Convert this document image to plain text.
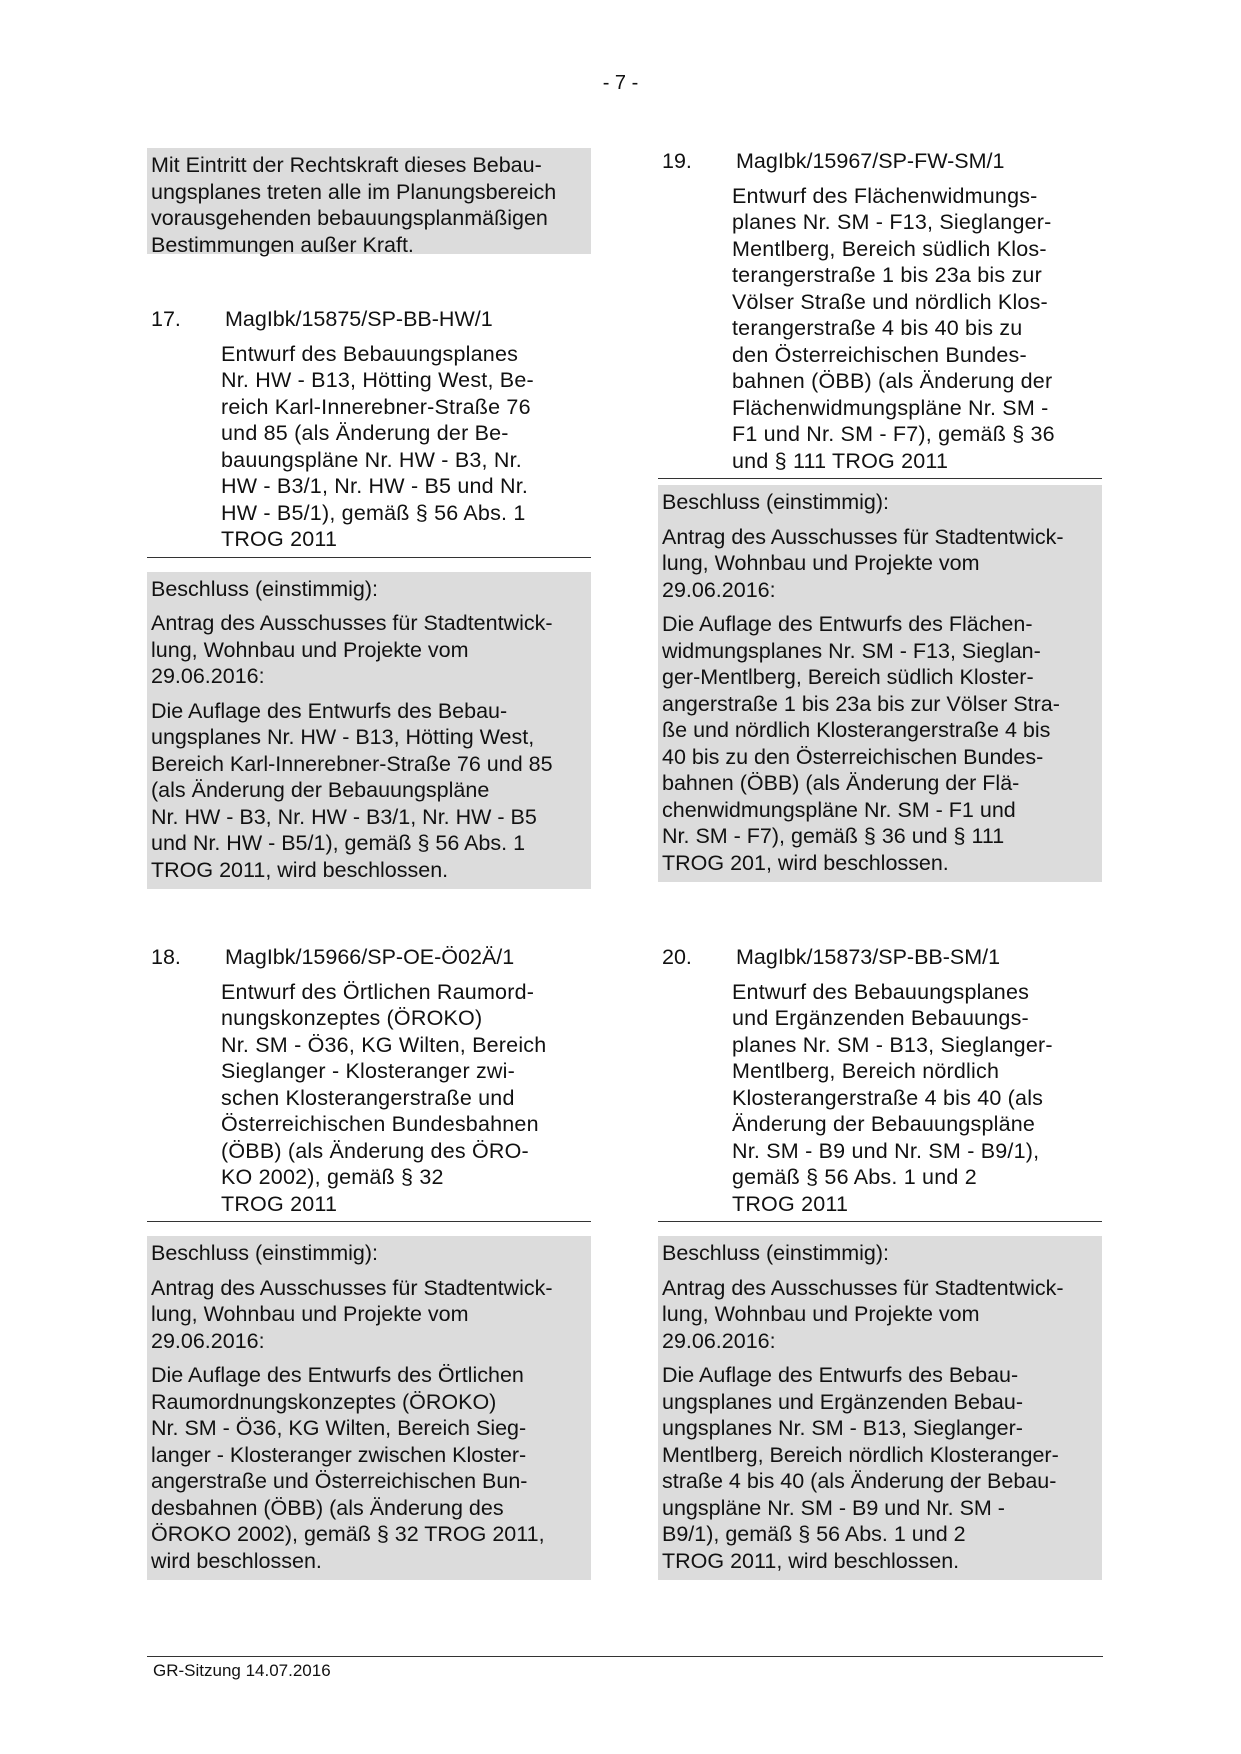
- 7 -

Mit Eintritt der Rechtskraft dieses Bebau-
ungsplanes treten alle im Planungsbereich
vorausgehenden bebauungsplanmäßigen
Bestimmungen außer Kraft.

17.	MagIbk/15875/SP-BB-HW/1

Entwurf des Bebauungsplanes
Nr. HW - B13, Hötting West, Be-
reich Karl-Innerebner-Straße 76
und 85 (als Änderung der Be-
bauungspläne Nr. HW - B3, Nr.
HW - B3/1, Nr. HW - B5 und Nr.
HW - B5/1), gemäß § 56 Abs. 1
TROG 2011

Beschluss (einstimmig):

Antrag des Ausschusses für Stadtentwick-
lung, Wohnbau und Projekte vom
29.06.2016:

Die Auflage des Entwurfs des Bebau-
ungsplanes Nr. HW - B13, Hötting West,
Bereich Karl-Innerebner-Straße 76 und 85
(als Änderung der Bebauungspläne
Nr. HW - B3, Nr. HW - B3/1, Nr. HW - B5
und Nr. HW - B5/1), gemäß § 56 Abs. 1
TROG 2011, wird beschlossen.

18.	MagIbk/15966/SP-OE-Ö02Ä/1

Entwurf des Örtlichen Raumord-
nungskonzeptes (ÖROKO)
Nr. SM - Ö36, KG Wilten, Bereich
Sieglanger - Klosteranger zwi-
schen Klosterangerstraße und
Österreichischen Bundesbahnen
(ÖBB) (als Änderung des ÖRO-
KO 2002), gemäß § 32
TROG 2011

Beschluss (einstimmig):

Antrag des Ausschusses für Stadtentwick-
lung, Wohnbau und Projekte vom
29.06.2016:

Die Auflage des Entwurfs des Örtlichen
Raumordnungskonzeptes (ÖROKO)
Nr. SM - Ö36, KG Wilten, Bereich Sieg-
langer - Klosteranger zwischen Kloster-
angerstraße und Österreichischen Bun-
desbahnen (ÖBB) (als Änderung des
ÖROKO 2002), gemäß § 32 TROG 2011,
wird beschlossen.

19.	MagIbk/15967/SP-FW-SM/1

Entwurf des Flächenwidmungs-
planes Nr. SM - F13, Sieglanger-
Mentlberg, Bereich südlich Klos-
terangerstraße 1 bis 23a bis zur
Völser Straße und nördlich Klos-
terangerstraße 4 bis 40 bis zu
den Österreichischen Bundes-
bahnen (ÖBB) (als Änderung der
Flächenwidmungspläne Nr. SM -
F1 und Nr. SM - F7), gemäß § 36
und § 111 TROG 2011

Beschluss (einstimmig):

Antrag des Ausschusses für Stadtentwick-
lung, Wohnbau und Projekte vom
29.06.2016:

Die Auflage des Entwurfs des Flächen-
widmungsplanes Nr. SM - F13, Sieglan-
ger-Mentlberg, Bereich südlich Kloster-
angerstraße 1 bis 23a bis zur Völser Stra-
ße und nördlich Klosterangerstraße 4 bis
40 bis zu den Österreichischen Bundes-
bahnen (ÖBB) (als Änderung der Flä-
chenwidmungspläne Nr. SM - F1 und
Nr. SM - F7), gemäß § 36 und § 111
TROG 201, wird beschlossen.

20.	MagIbk/15873/SP-BB-SM/1

Entwurf des Bebauungsplanes
und Ergänzenden Bebauungs-
planes Nr. SM - B13, Sieglanger-
Mentlberg, Bereich nördlich
Klosterangerstraße 4 bis 40 (als
Änderung der Bebauungspläne
Nr. SM - B9 und Nr. SM - B9/1),
gemäß § 56 Abs. 1 und 2
TROG 2011

Beschluss (einstimmig):

Antrag des Ausschusses für Stadtentwick-
lung, Wohnbau und Projekte vom
29.06.2016:

Die Auflage des Entwurfs des Bebau-
ungsplanes und Ergänzenden Bebau-
ungsplanes Nr. SM - B13, Sieglanger-
Mentlberg, Bereich nördlich Klosteranger-
straße 4 bis 40 (als Änderung der Bebau-
ungspläne Nr. SM - B9 und Nr. SM -
B9/1), gemäß § 56 Abs. 1 und 2
TROG 2011, wird beschlossen.

GR-Sitzung 14.07.2016
